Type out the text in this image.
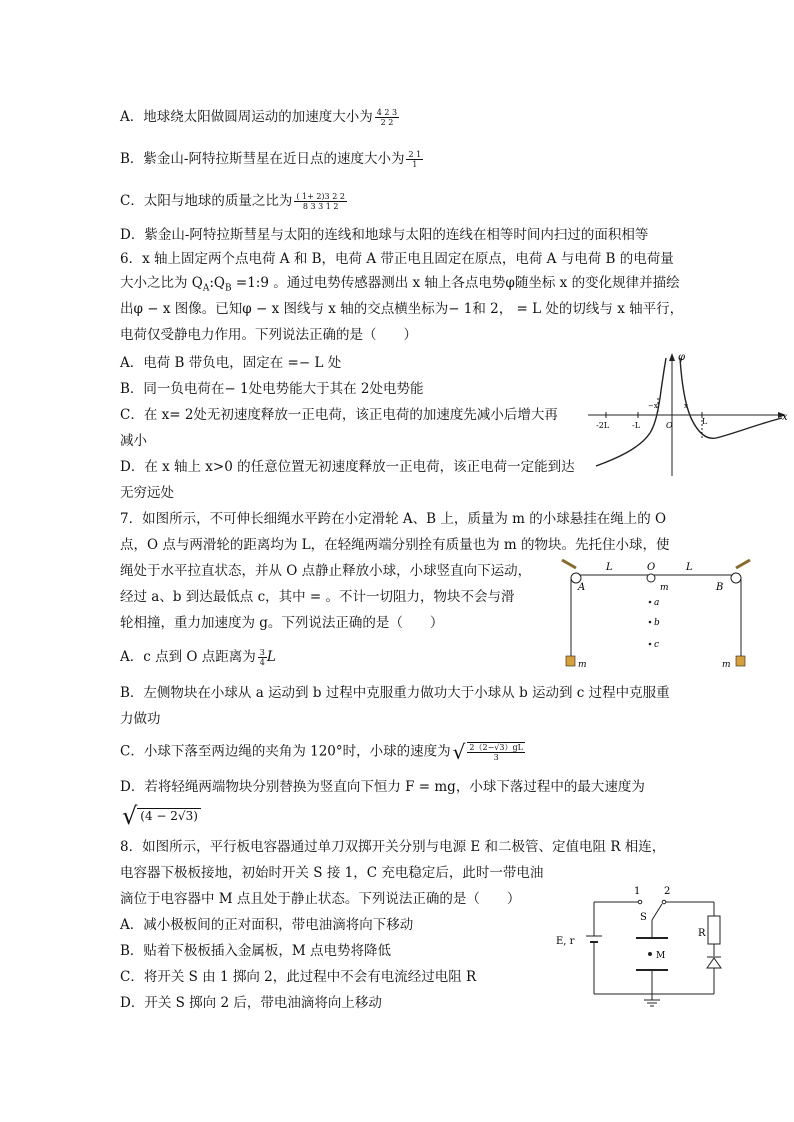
A．地球绕太阳做圆周运动的加速度大小为 $\frac{4 2 3}{2 2}$
B．紫金山-阿特拉斯彗星在近日点的速度大小为 $\frac{2 1}{1}$
C．太阳与地球的质量之比为 $\frac{( 1+ 2)3 2 2}{8 3 3 1 2}$
D．紫金山-阿特拉斯彗星与太阳的连线和地球与太阳的连线在相等时间内扫过的面积相等
6．x 轴上固定两个点电荷 A 和 B，电荷 A 带正电且固定在原点，电荷 A 与电荷 B 的电荷量
大小之比为 $Q_A:Q_B$ =1:9 。通过电势传感器测出 x 轴上各点电势φ随坐标 x 的变化规律并描绘
出φ − x 图像。已知φ − x 图线与 x 轴的交点横坐标为− 1和 2， = L 处的切线与 x 轴平行，
电荷仅受静电力作用。下列说法正确的是（　　）
A．电荷 B 带负电，固定在 =− L 处
B．同一负电荷在− 1处电势能大于其在 2处电势能
C．在 x= 2处无初速度释放一正电荷，该正电荷的加速度先减小后增大再
减小
D．在 x 轴上 x>0 的任意位置无初速度释放一正电荷，该正电荷一定能到达
无穷远处
φ
x
-2L	-L	O
−x	x
L
7．如图所示，不可伸长细绳水平跨在小定滑轮 A、B 上，质量为 m 的小球悬挂在绳上的 O
点，O 点与两滑轮的距离均为 L，在轻绳两端分别拴有质量也为 m 的物块。先托住小球，使
绳处于水平拉直状态，并从 O 点静止释放小球，小球竖直向下运动，
经过 a、b 到达最低点 c，其中 = 。不计一切阻力，物块不会与滑
轮相撞，重力加速度为 g。下列说法正确的是（　　）
A．c 点到 O 点距离为 $\frac{3}{4}$ L
B．左侧物块在小球从 a 运动到 b 过程中克服重力做功大于小球从 b 运动到 c 过程中克服重
力做功
C．小球下落至两边绳的夹角为 120°时，小球的速度为 √ $\frac{2(2-√3)gL}{3}$
D．若将轻绳两端物块分别替换为竖直向下恒力 F = mg，小球下落过程中的最大速度为
√ (4 − 2√3)
L	O	L
A	B
m
a
b
c
m	m
8．如图所示，平行板电容器通过单刀双掷开关分别与电源 E 和二极管、定值电阻 R 相连，
电容器下极板接地，初始时开关 S 接 1，C 充电稳定后，此时一带电油
滴位于电容器中 M 点且处于静止状态。下列说法正确的是（　　）
A．减小极板间的正对面积，带电油滴将向下移动
B．贴着下极板插入金属板，M 点电势将降低
C．将开关 S 由 1 掷向 2，此过程中不会有电流经过电阻 R
D．开关 S 掷向 2 后，带电油滴将向上移动
1 2
S
E, r
M
R
